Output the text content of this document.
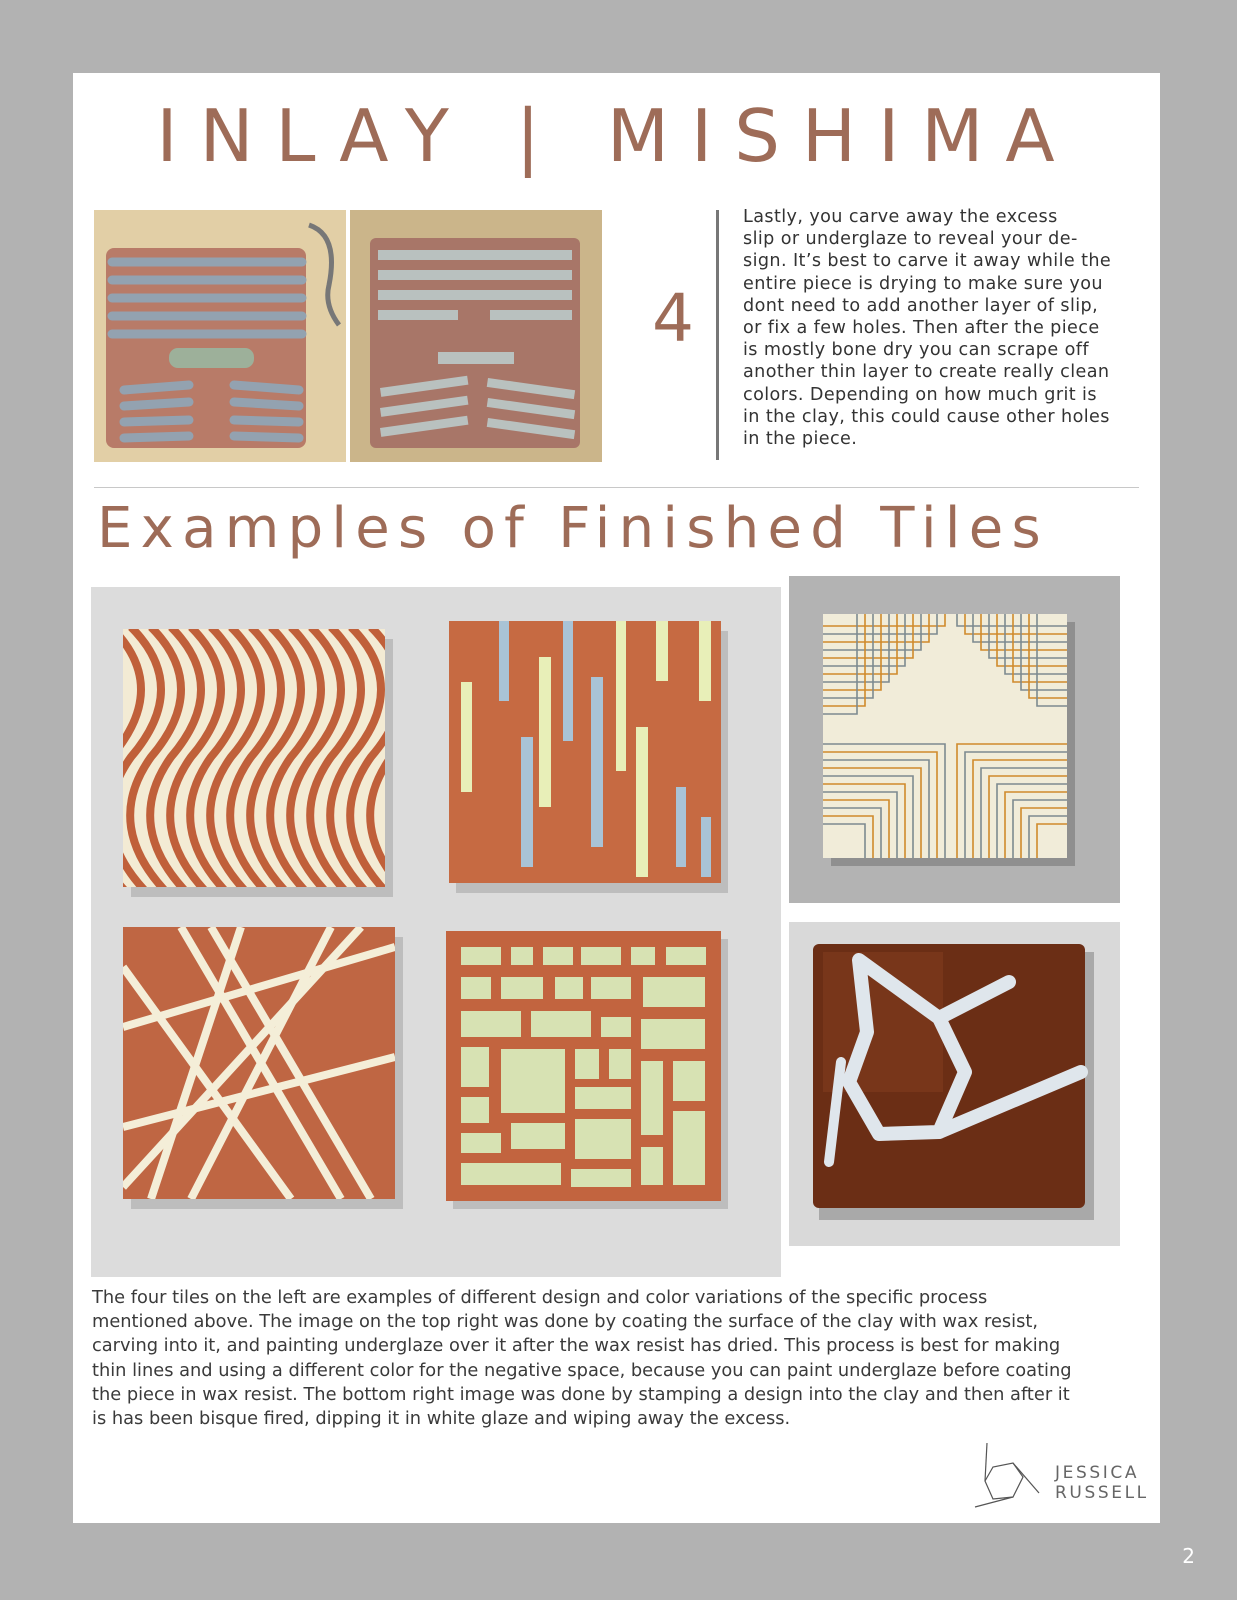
INLAY | MISHIMA
4
Lastly, you carve away the excess
slip or underglaze to reveal your de-
sign. It’s best to carve it away while the
entire piece is drying to make sure you
dont need to add another layer of slip,
or fix a few holes. Then after the piece
is mostly bone dry you can scrape off
another thin layer to create really clean
colors. Depending on how much grit is
in the clay, this could cause other holes
in the piece.
Examples of Finished Tiles
The four tiles on the left are examples of different design and color variations of the specific process
mentioned above. The image on the top right was done by coating the surface of the clay with wax resist,
carving into it, and painting underglaze over it after the wax resist has dried. This process is best for making
thin lines and using a different color for the negative space, because you can paint underglaze before coating
the piece in wax resist. The bottom right image was done by stamping a design into the clay and then after it
is has been bisque fired, dipping it in white glaze and wiping away the excess.
JESSICA
RUSSELL
2
